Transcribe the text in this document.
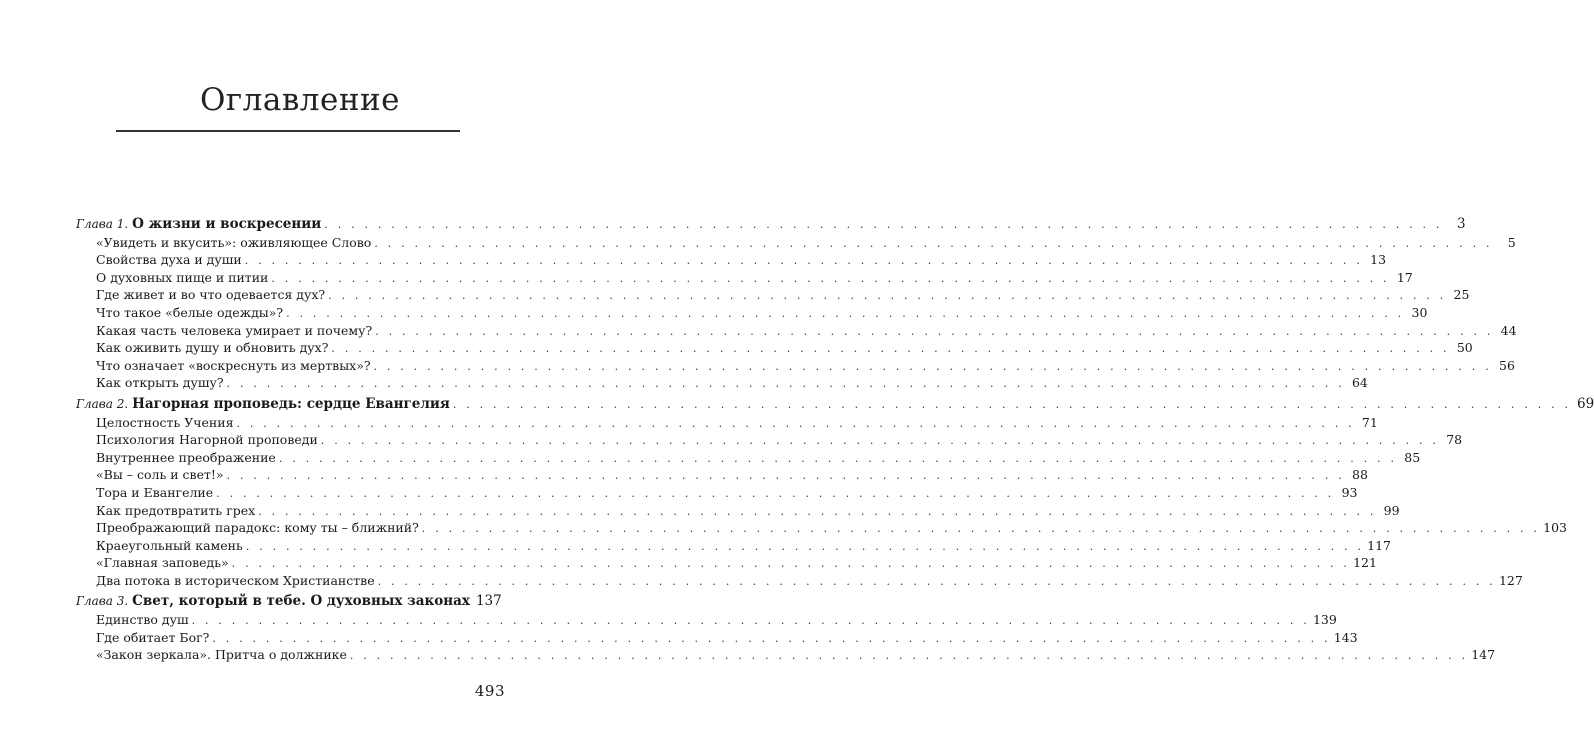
Оглавление
Глава 1. О жизни и воскресении . . .	3
«Увидеть и вкусить»: оживляющее Слово . . .	5
Свойства духа и души . . .	13
О духовных пище и питии . . .	17
Где живет и во что одевается дух? . . .	25
Что такое «белые одежды»? . . .	30
Какая часть человека умирает и почему? . . .	44
Как оживить душу и обновить дух? . . .	50
Что означает «воскреснуть из мертвых»? . . .	56
Как открыть душу? . . .	64
Глава 2. Нагорная проповедь: сердце Евангелия . . .	69
Целостность Учения . . .	71
Психология Нагорной проповеди . . .	78
Внутреннее преображение . . .	85
«Вы – соль и свет!» . . .	88
Тора и Евангелие . . .	93
Как предотвратить грех . . .	99
Преображающий парадокс: кому ты – ближний? . . .	103
Краеугольный камень . . .	117
«Главная заповедь» . . .	121
Два потока в историческом Христианстве . . .	127
Глава 3. Свет, который в тебе. О духовных законах 137
Единство душ . . .	139
Где обитает Бог? . . .	143
«Закон зеркала». Притча о должнике . . .	147
493
